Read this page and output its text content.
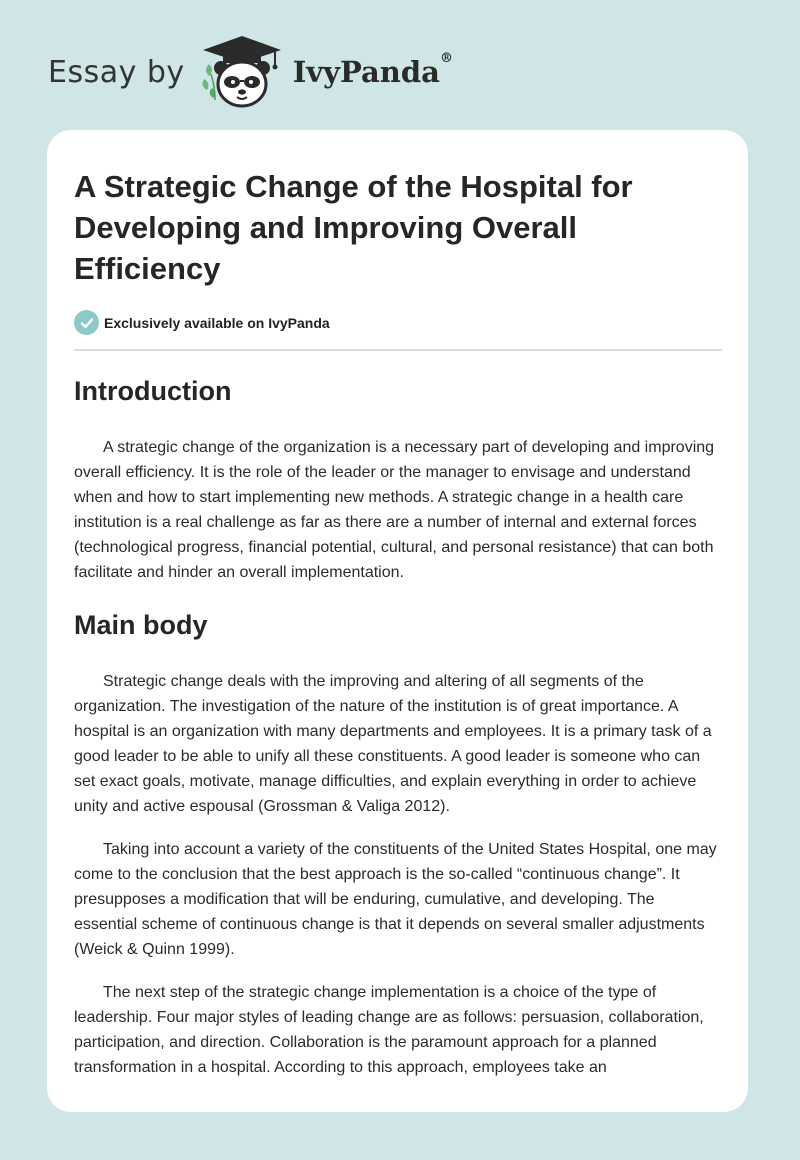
Essay by	IvyPanda®
A Strategic Change of the Hospital for Developing and Improving Overall Efficiency
Exclusively available on IvyPanda
Introduction

A strategic change of the organization is a necessary part of developing and improving overall efficiency. It is the role of the leader or the manager to envisage and understand when and how to start implementing new methods. A strategic change in a health care institution is a real challenge as far as there are a number of internal and external forces (technological progress, financial potential, cultural, and personal resistance) that can both facilitate and hinder an overall implementation.

Main body

Strategic change deals with the improving and altering of all segments of the organization. The investigation of the nature of the institution is of great importance. A hospital is an organization with many departments and employees. It is a primary task of a good leader to be able to unify all these constituents. A good leader is someone who can set exact goals, motivate, manage difficulties, and explain everything in order to achieve unity and active espousal (Grossman & Valiga 2012).

Taking into account a variety of the constituents of the United States Hospital, one may come to the conclusion that the best approach is the so-called “continuous change”. It presupposes a modification that will be enduring, cumulative, and developing. The essential scheme of continuous change is that it depends on several smaller adjustments (Weick & Quinn 1999).

The next step of the strategic change implementation is a choice of the type of leadership. Four major styles of leading change are as follows: persuasion, collaboration, participation, and direction. Collaboration is the paramount approach for a planned transformation in a hospital. According to this approach, employees take an
